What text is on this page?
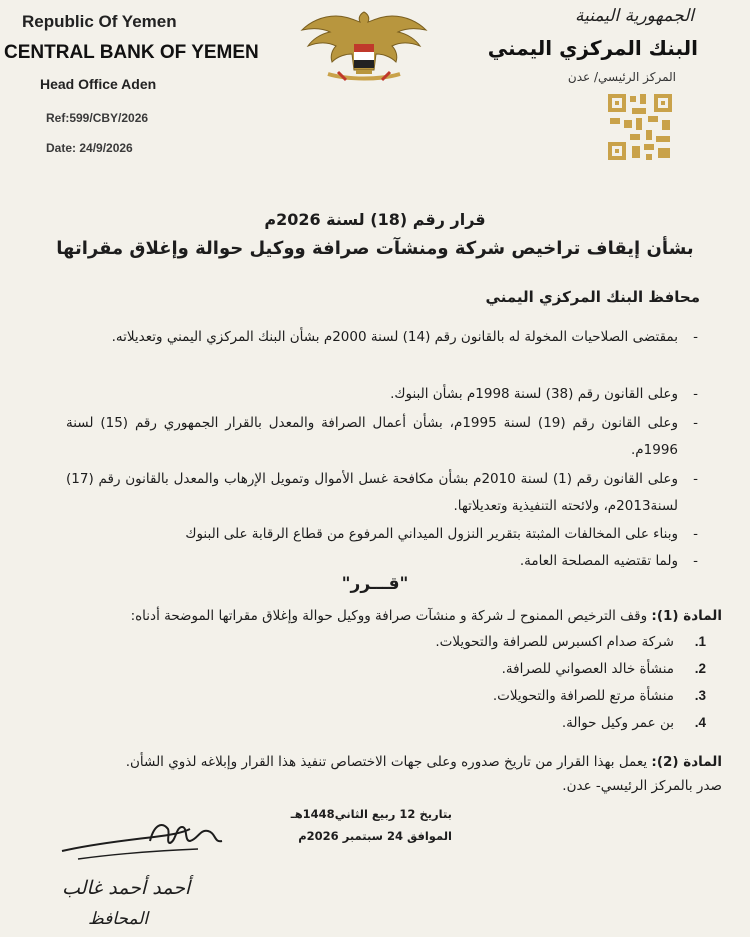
Republic Of Yemen
CENTRAL BANK OF YEMEN
Head Office Aden
Ref:599/CBY/2026
Date: 24/9/2026
الجمهورية اليمنية
البنك المركزي اليمني
المركز الرئيسي/ عدن
قرار رقم (18) لسنة 2026م
بشأن إيقاف تراخيص شركة ومنشآت صرافة ووكيل حوالة وإغلاق مقراتها
محافظ البنك المركزي اليمني
-
بمقتضى الصلاحيات المخولة له بالقانون رقم (14) لسنة 2000م بشأن البنك المركزي اليمني وتعديلاته.
-
وعلى القانون رقم (38) لسنة 1998م بشأن البنوك.
-
وعلى القانون رقم (19) لسنة 1995م، بشأن أعمال الصرافة والمعدل بالقرار الجمهوري رقم (15) لسنة 1996م.
-
وعلى القانون رقم (1) لسنة 2010م بشأن مكافحة غسل الأموال وتمويل الإرهاب والمعدل بالقانون رقم (17) لسنة2013م، ولائحته التنفيذية وتعديلاتها.
-
وبناء على المخالفات المثبتة بتقرير النزول الميداني المرفوع من قطاع الرقابة على البنوك
-
ولما تقتضيه المصلحة العامة.
"قـــرر"
المادة (1): وقف الترخيص الممنوح لـ شركة و منشآت صرافة ووكيل حوالة وإغلاق مقراتها الموضحة أدناه:
1.
شركة صدام اكسبرس للصرافة والتحويلات.
2.
منشأة خالد العصواني للصرافة.
3.
منشأة مرتع للصرافة والتحويلات.
4.
بن عمر وكيل حوالة.
المادة (2): يعمل بهذا القرار من تاريخ صدوره وعلى جهات الاختصاص تنفيذ هذا القرار وإبلاغه لذوي الشأن.
صدر بالمركز الرئيسي- عدن.
بتاريخ 12 ربيع الثاني1448هـ
الموافق 24 سبتمبر 2026م
أحمد أحمد غالب
المحافظ
